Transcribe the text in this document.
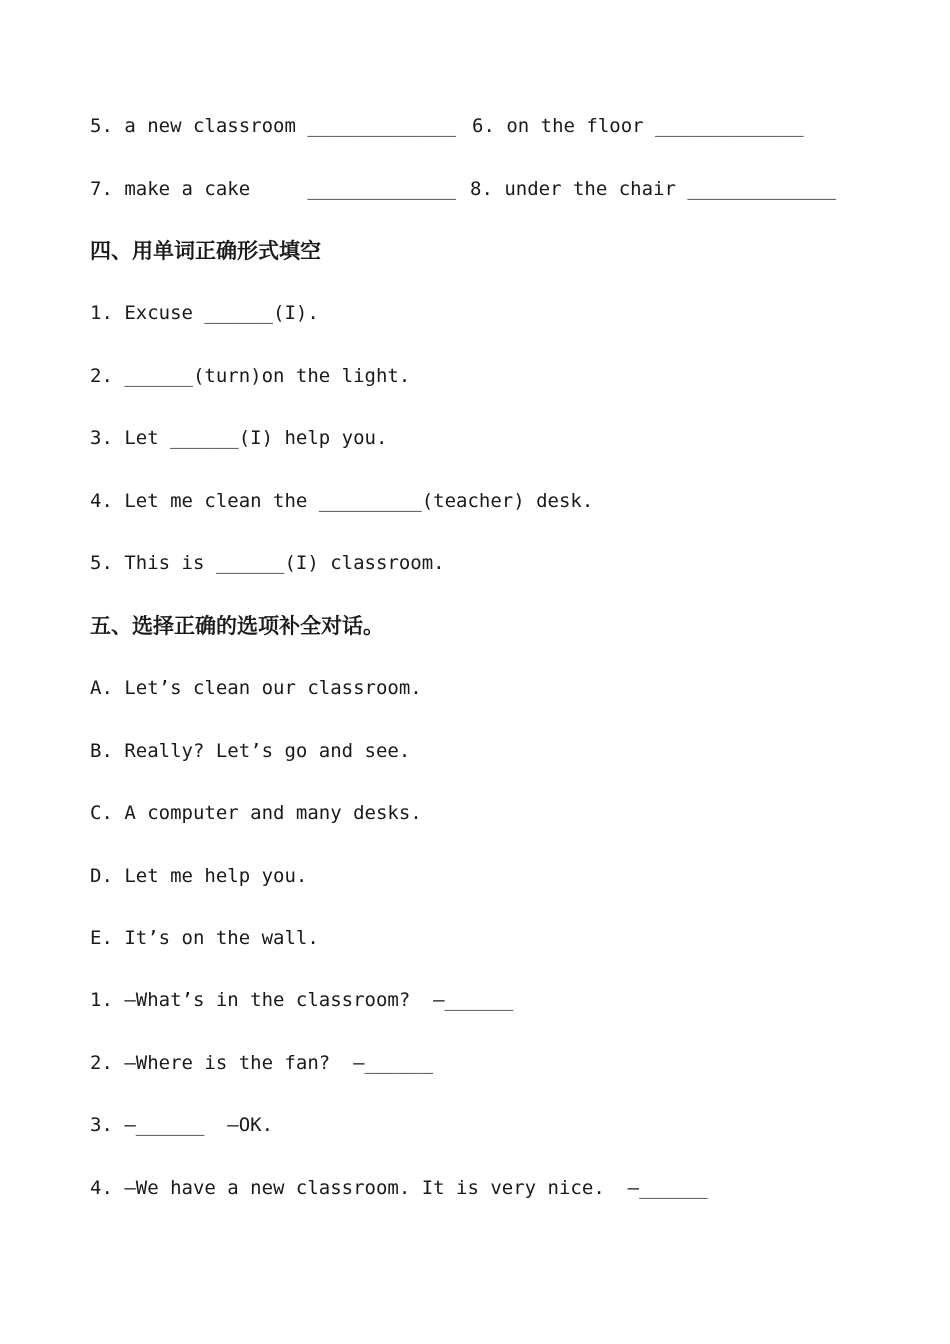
5. a new classroom _____________ 6. on the floor _____________
7. make a cake     _____________ 8. under the chair _____________
四、用单词正确形式填空
1. Excuse ______(I).
2. ______(turn)on the light.
3. Let ______(I) help you.
4. Let me clean the _________(teacher) desk.
5. This is ______(I) classroom.
五、选择正确的选项补全对话。
A. Let’s clean our classroom.
B. Really? Let’s go and see.
C. A computer and many desks.
D. Let me help you.
E. It’s on the wall.
1. —What’s in the classroom?  —______
2. —Where is the fan?  —______
3. —______  —OK.
4. —We have a new classroom. It is very nice.  —______
